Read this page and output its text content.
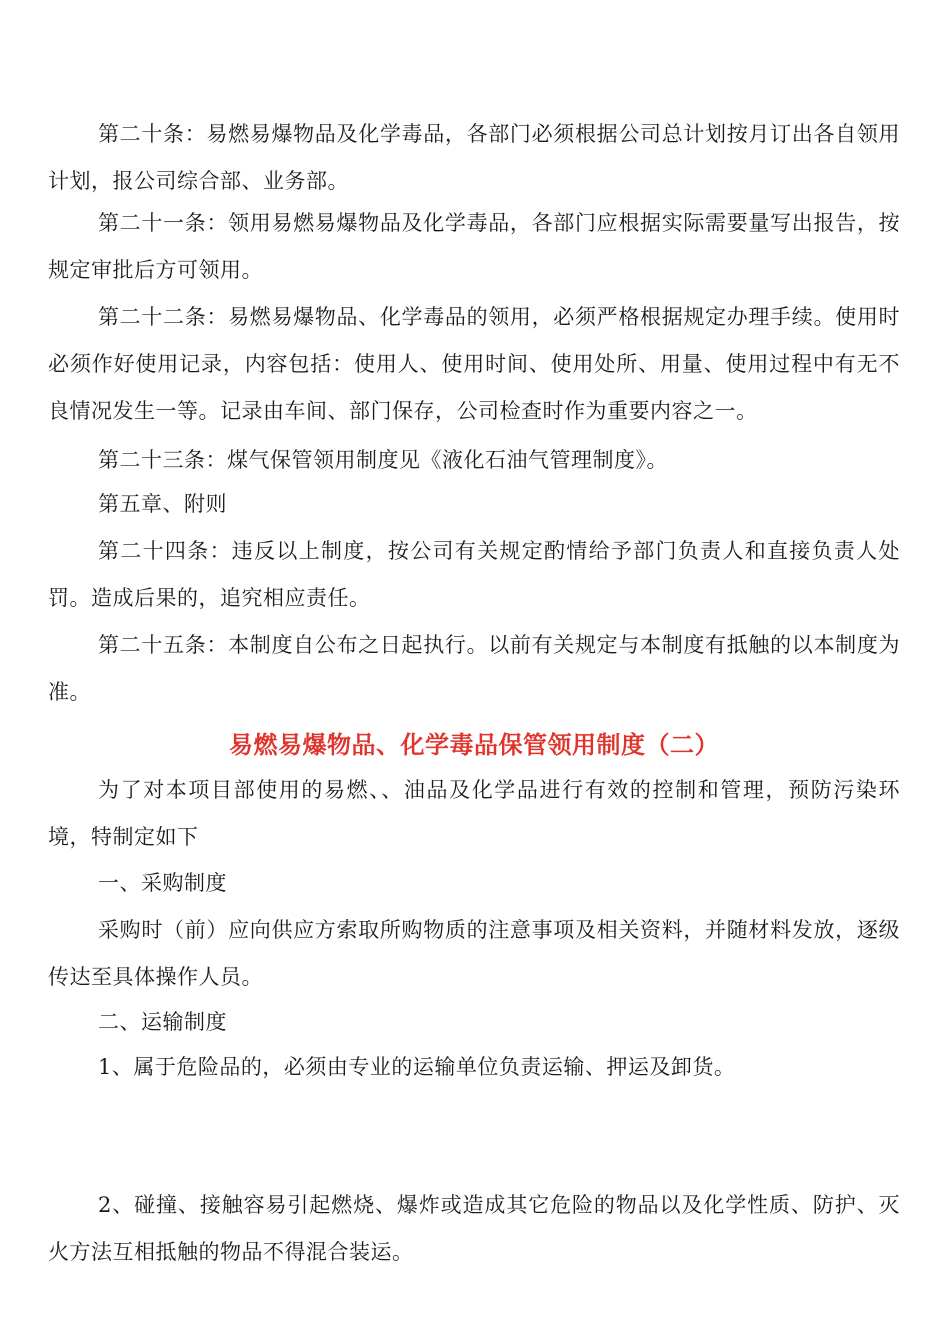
第二十条：易燃易爆物品及化学毒品，各部门必须根据公司总计划按月订出各自领用计划，报公司综合部、业务部。

第二十一条：领用易燃易爆物品及化学毒品，各部门应根据实际需要量写出报告，按规定审批后方可领用。

第二十二条：易燃易爆物品、化学毒品的领用，必须严格根据规定办理手续。使用时必须作好使用记录，内容包括：使用人、使用时间、使用处所、用量、使用过程中有无不良情况发生一等。记录由车间、部门保存，公司检查时作为重要内容之一。

第二十三条：煤气保管领用制度见《液化石油气管理制度》。

第五章、附则

第二十四条：违反以上制度，按公司有关规定酌情给予部门负责人和直接负责人处罚。造成后果的，追究相应责任。

第二十五条：本制度自公布之日起执行。以前有关规定与本制度有抵触的以本制度为准。

易燃易爆物品、化学毒品保管领用制度（二）

为了对本项目部使用的易燃、、油品及化学品进行有效的控制和管理，预防污染环境，特制定如下

一、采购制度

采购时（前）应向供应方索取所购物质的注意事项及相关资料，并随材料发放，逐级传达至具体操作人员。

二、运输制度

1、属于危险品的，必须由专业的运输单位负责运输、押运及卸货。

2、碰撞、接触容易引起燃烧、爆炸或造成其它危险的物品以及化学性质、防护、灭火方法互相抵触的物品不得混合装运。
